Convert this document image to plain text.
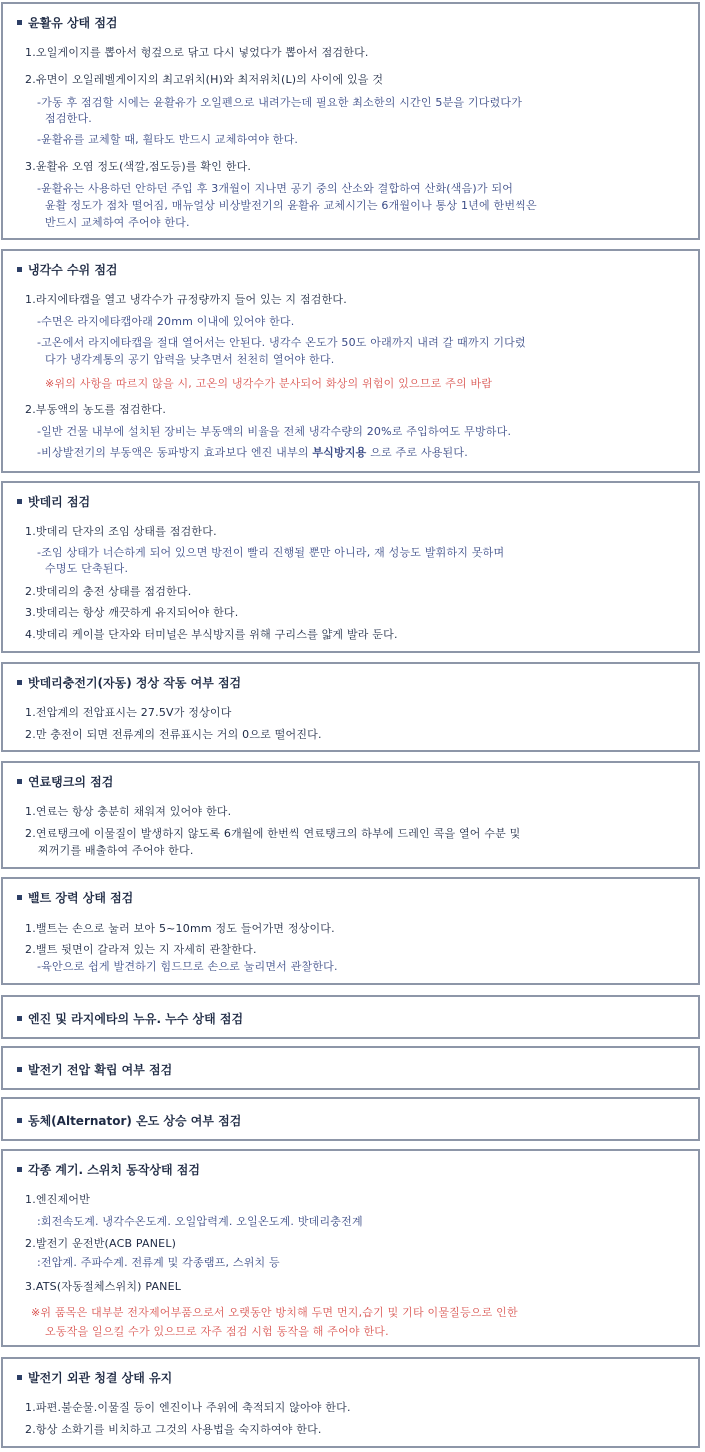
윤활유 상태 점검
1.오일게이지를 뽑아서 헝겊으로 닦고 다시 넣었다가 뽑아서 점검한다.
2.유면이 오일레벨게이지의 최고위치(H)와 최저위치(L)의 사이에 있을 것
-가동 후 점검할 시에는 윤활유가 오일펜으로 내려가는데 필요한 최소한의 시간인 5분을 기다렸다가
점검한다.
-윤활유를 교체할 때, 휠타도 반드시 교체하여야 한다.
3.윤활유 오염 정도(색깔,점도등)를 확인 한다.
-윤활유는 사용하던 안하던 주입 후 3개월이 지나면 공기 중의 산소와 결합하여 산화(색음)가 되어
윤활 정도가 점차 떨어짐, 매뉴얼상 비상발전기의 윤활유 교체시기는 6개월이나 통상 1년에 한번씩은
반드시 교체하여 주어야 한다.
냉각수 수위 점검
1.라지에타캡을 열고 냉각수가 규정량까지 들어 있는 지 점검한다.
-수면은 라지에타캡아래 20mm 이내에 있어야 한다.
-고온에서 라지에타캡을 절대 열어서는 안된다. 냉각수 온도가 50도 아래까지 내려 갈 때까지 기다렸
다가 냉각계통의 공기 압력을 낮추면서 천천히 열어야 한다.
※위의 사항을 따르지 않을 시, 고온의 냉각수가 분사되어 화상의 위험이 있으므로 주의 바람
2.부동액의 농도를 점검한다.
-일반 건물 내부에 설치된 장비는 부동액의 비율을 전체 냉각수량의 20%로 주입하여도 무방하다.
-비상발전기의 부동액은 동파방지 효과보다 엔진 내부의 부식방지용 으로 주로 사용된다.
밧데리 점검
1.밧데리 단자의 조임 상태를 점검한다.
-조임 상태가 너슨하게 되어 있으면 방전이 빨리 진행될 뿐만 아니라, 재 성능도 발휘하지 못하며
수명도 단축된다.
2.밧데리의 충전 상태를 점검한다.
3.밧데리는 항상 깨끗하게 유지되어야 한다.
4.밧데리 케이블 단자와 터미널은 부식방지를 위해 구리스를 얇게 발라 둔다.
밧데리충전기(자동) 정상 작동 여부 점검
1.전압계의 전압표시는 27.5V가 정상이다
2.만 충전이 되면 전류계의 전류표시는 거의 0으로 떨어진다.
연료탱크의 점검
1.연료는 항상 충분히 채워져 있어야 한다.
2.연료탱크에 이물질이 발생하지 않도록 6개월에 한번씩 연료탱크의 하부에 드레인 콕을 열어 수분 및
찌꺼기를 배출하여 주어야 한다.
밸트 장력 상태 점검
1.밸트는 손으로 눌러 보아 5~10mm 정도 들어가면 정상이다.
2.밸트 뒷면이 갈라져 있는 지 자세히 관찰한다.
-육안으로 쉽게 발견하기 힘드므로 손으로 눌리면서 관찰한다.
엔진 및 라지에타의 누유. 누수 상태 점검
발전기 전압 확립 여부 점검
동체(Alternator) 온도 상승 여부 점검
각종 계기. 스위치 동작상태 점검
1.엔진제어반
:회전속도계. 냉각수온도계. 오일압력계. 오일온도계. 밧데리충전계
2.발전기 운전반(ACB PANEL)
:전압계. 주파수계. 전류계 및 각종램프, 스위치 등
3.ATS(자동절체스위치) PANEL
※위 품목은 대부분 전자제어부품으로서 오랫동안 방치해 두면 먼지,습기 및 기타 이물질등으로 인한
오동작을 일으킬 수가 있으므로 자주 점검 시험 동작을 해 주어야 한다.
발전기 외관 청결 상태 유지
1.파편.불순물.이물질 등이 엔진이나 주위에 축적되지 않아야 한다.
2.항상 소화기를 비치하고 그것의 사용법을 숙지하여야 한다.
